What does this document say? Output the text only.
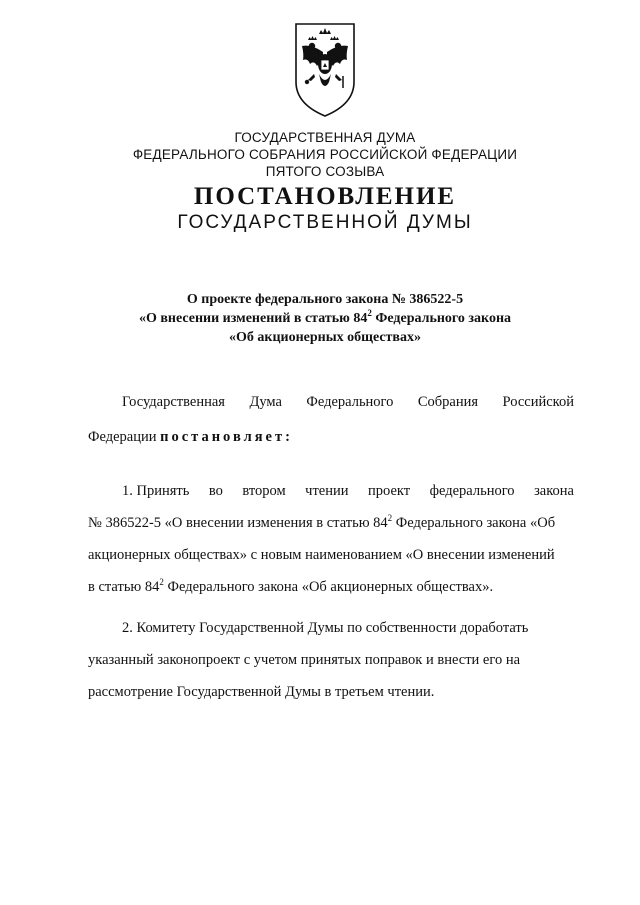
ГОСУДАРСТВЕННАЯ ДУМА
ФЕДЕРАЛЬНОГО СОБРАНИЯ РОССИЙСКОЙ ФЕДЕРАЦИИ
ПЯТОГО СОЗЫВА
ПОСТАНОВЛЕНИЕ
ГОСУДАРСТВЕННОЙ ДУМЫ
О проекте федерального закона № 386522-5
«О внесении изменений в статью $84^2$ Федерального закона
«Об акционерных обществах»
Государственная Дума Федерального Собрания Российской
Федерации постановляет:
1. Принять во втором чтении проект федерального закона
№ 386522-5 «О внесении изменения в статью $84^2$ Федерального закона «Об
акционерных обществах» с новым наименованием «О внесении изменений
в статью $84^2$ Федерального закона «Об акционерных обществах».
2. Комитету Государственной Думы по собственности доработать
указанный законопроект с учетом принятых поправок и внести его на
рассмотрение Государственной Думы в третьем чтении.
